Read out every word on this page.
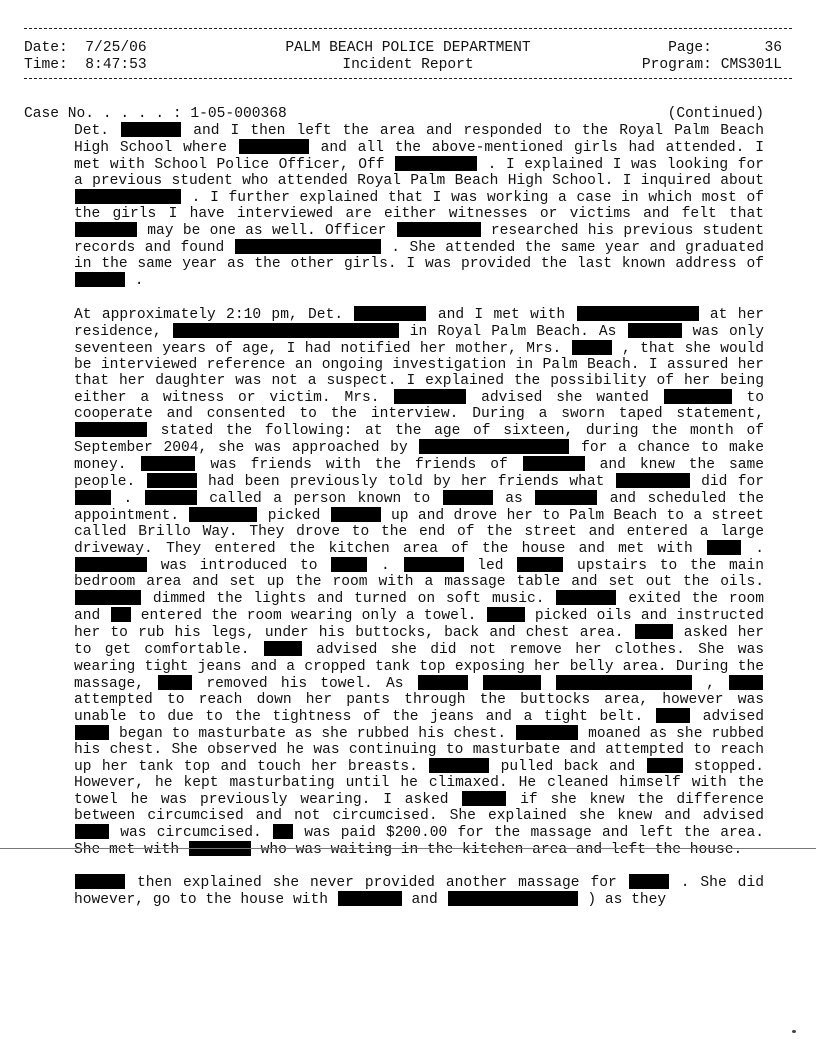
Date:  7/25/06
Time:  8:47:53
PALM BEACH POLICE DEPARTMENT
Incident Report
Page:      36
Program: CMS301L
Case No. . . . . : 1-05-000368	(Continued)
Det.	and I then left the area and responded to the Royal Palm Beach High School where	and all the above-mentioned girls had attended. I met with School Police Officer, Off	. I explained I was looking for a previous student who attended Royal Palm Beach High School. I inquired about  . I further explained that I was working a case in which most of the girls I have interviewed are either witnesses or victims and felt that  may be one as well. Officer	researched his previous student records and found	. She attended the same year and graduated in the same year as the other girls. I was provided the last known address of  .
At approximately 2:10 pm, Det.	and I met with	at her residence,	in Royal Palm Beach. As	was only seventeen years of age, I had notified her mother, Mrs.	, that she would be interviewed reference an ongoing investigation in Palm Beach. I assured her that her daughter was not a suspect. I explained the possibility of her being either a witness or victim. Mrs.	advised she wanted	to cooperate and consented to the interview. During a sworn taped statement,  stated the following: at the age of sixteen, during the month of September 2004, she was approached by	for a chance to make money.	was friends with the friends of	and knew the same people.	had been previously told by her friends what	did for  .	called a person known to	as	and scheduled the appointment.	picked	up and drove her to Palm Beach to a street called Brillo Way. They drove to the end of the street and entered a large driveway. They entered the kitchen area of the house and met with	.  was introduced to	.	led	upstairs to the main bedroom area and set up the room with a massage table and set out the oils.  dimmed the lights and turned on soft music.	exited the room and	entered the room wearing only a towel.	picked oils and instructed her to rub his legs, under his buttocks, back and chest area.	asked her to get comfortable.	advised she did not remove her clothes. She was wearing tight jeans and a cropped tank top exposing her belly area. During the massage,	removed his towel. As	,  attempted to reach down her pants through the buttocks area, however was unable to due to the tightness of the jeans and a tight belt.	advised  began to masturbate as she rubbed his chest.	moaned as she rubbed his chest. She observed he was continuing to masturbate and attempted to reach up her tank top and touch her breasts.	pulled back and	stopped. However, he kept masturbating until he climaxed. He cleaned himself with the towel he was previously wearing. I asked	if she knew the difference between circumcised and not circumcised. She explained she knew and advised  was circumcised.	was paid $200.00 for the massage and left the area. She met with	who was waiting in the kitchen area and left the house.
then explained she never provided another massage for	. She did however, go to the house with	and	) as they
